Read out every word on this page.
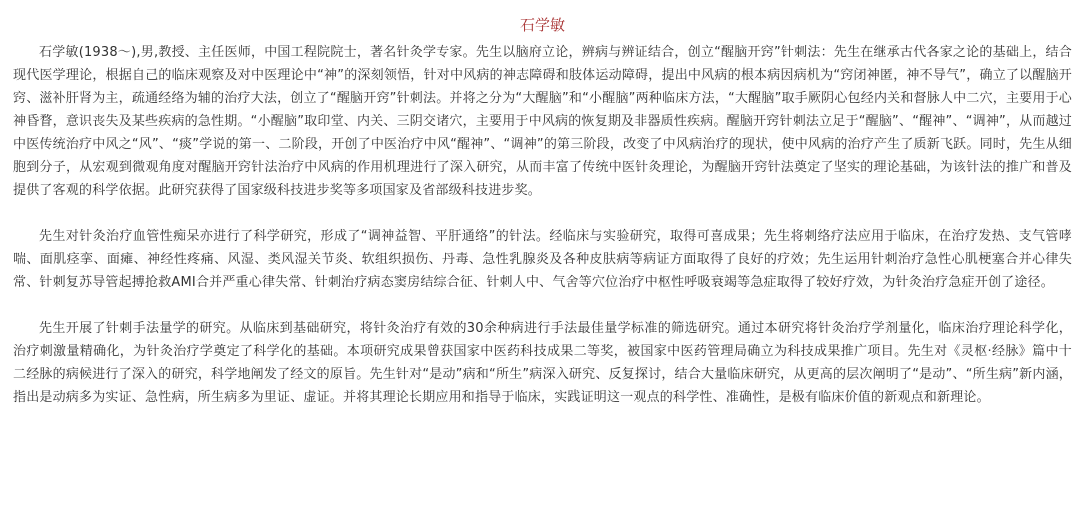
石学敏

石学敏(1938～),男,教授、主任医师，中国工程院院士，著名针灸学专家。先生以脑府立论，辨病与辨证结合，创立“醒脑开窍”针刺法：先生在继承古代各家之论的基础上，结合现代医学理论，根据自己的临床观察及对中医理论中“神”的深刻领悟，针对中风病的神志障碍和肢体运动障碍，提出中风病的根本病因病机为“窍闭神匿，神不导气”，确立了以醒脑开窍、滋补肝肾为主，疏通经络为辅的治疗大法，创立了“醒脑开窍”针刺法。并将之分为“大醒脑”和“小醒脑”两种临床方法，“大醒脑”取手厥阴心包经内关和督脉人中二穴，主要用于心神昏瞀，意识丧失及某些疾病的急性期。“小醒脑”取印堂、内关、三阴交诸穴，主要用于中风病的恢复期及非器质性疾病。醒脑开窍针刺法立足于“醒脑”、“醒神”、“调神”，从而越过中医传统治疗中风之“风”、“痰”学说的第一、二阶段，开创了中医治疗中风“醒神”、“调神”的第三阶段，改变了中风病治疗的现状，使中风病的治疗产生了质新飞跃。同时，先生从细胞到分子，从宏观到微观角度对醒脑开窍针法治疗中风病的作用机理进行了深入研究，从而丰富了传统中医针灸理论，为醒脑开窍针法奠定了坚实的理论基础，为该针法的推广和普及提供了客观的科学依据。此研究获得了国家级科技进步奖等多项国家及省部级科技进步奖。

先生对针灸治疗血管性痴呆亦进行了科学研究，形成了“调神益智、平肝通络”的针法。经临床与实验研究，取得可喜成果；先生将刺络疗法应用于临床，在治疗发热、支气管哮喘、面肌痉挛、面瘫、神经性疼痛、风湿、类风湿关节炎、软组织损伤、丹毒、急性乳腺炎及各种皮肤病等病证方面取得了良好的疗效；先生运用针刺治疗急性心肌梗塞合并心律失常、针刺复苏导管起搏抢救AMI合并严重心律失常、针刺治疗病态窦房结综合征、针刺人中、气舍等穴位治疗中枢性呼吸衰竭等急症取得了较好疗效，为针灸治疗急症开创了途径。

先生开展了针刺手法量学的研究。从临床到基础研究，将针灸治疗有效的30余种病进行手法最佳量学标准的筛选研究。通过本研究将针灸治疗学剂量化，临床治疗理论科学化，治疗刺激量精确化，为针灸治疗学奠定了科学化的基础。本项研究成果曾获国家中医药科技成果二等奖，被国家中医药管理局确立为科技成果推广项目。先生对《灵枢·经脉》篇中十二经脉的病候进行了深入的研究，科学地阐发了经文的原旨。先生针对“是动”病和“所生”病深入研究、反复探讨，结合大量临床研究，从更高的层次阐明了“是动”、“所生病”新内涵，指出是动病多为实证、急性病，所生病多为里证、虚证。并将其理论长期应用和指导于临床，实践证明这一观点的科学性、准确性，是极有临床价值的新观点和新理论。
